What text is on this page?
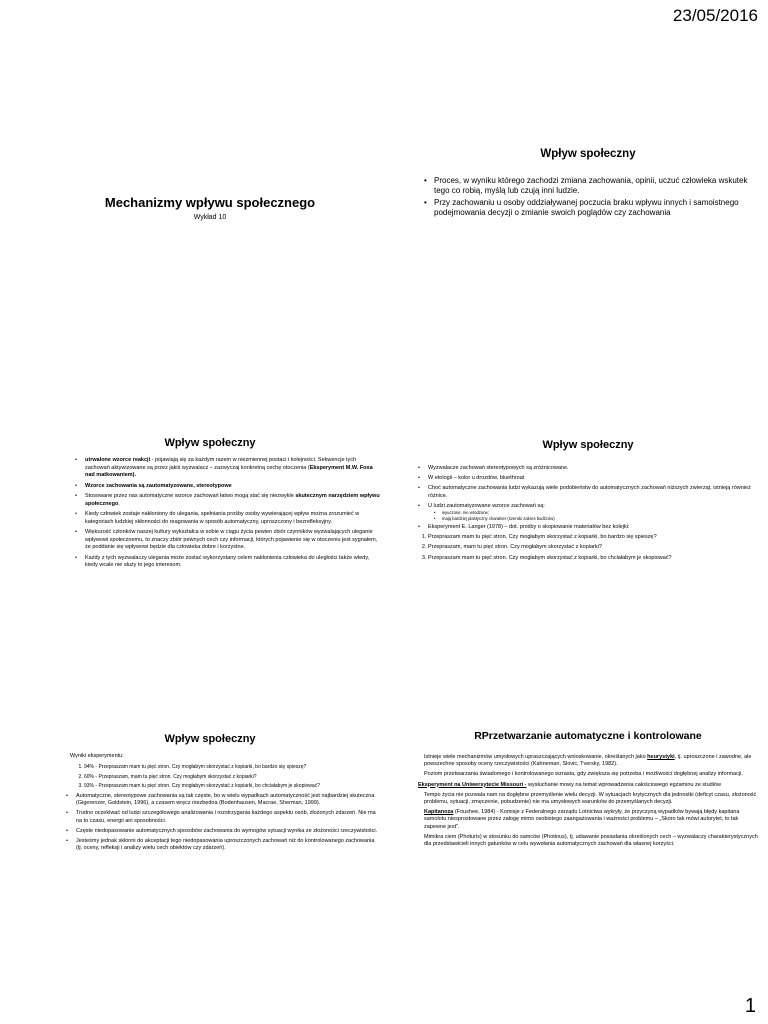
23/05/2016
Mechanizmy wpływu społecznego
Wykład 10
Wpływ społeczny
• Proces, w wyniku którego zachodzi zmiana zachowania, opinii, uczuć człowieka wskutek tego co robią, myślą lub czują inni ludzie.
• Przy zachowaniu u osoby oddziaływanej poczucia braku wpływu innych i samoistnego podejmowania decyzji o zmianie swoich poglądów czy zachowania
Wpływ społeczny
• utrwalone wzorce reakcji - pojawiają się za każdym razem w niezmiennej postaci i kolejności. Sekwencje tych zachowań aktywizowane są przez jakiś wyzwalacz – zazwyczaj konkretną cechę otoczenia (Eksperyment M.W. Foxa nad matkowaniem).
• Wzorce zachowania są zautomatyzowane, stereotypowe
• Stosowane przez nas automatyczne wzorce zachowań łatwo mogą stać się niezwykle skutecznym narzędziem wpływu społecznego.
• Kiedy człowiek zostaje nakłoniony do ulegania, spełniania prośby osoby wywierającej wpływ można zrozumieć w kategoriach ludzkiej skłonności do reagowania w sposób automatyczny, uproszczony i bezrefleksyjny.
• Większość członków naszej kultury wykształca w sobie w ciągu życia pewien zbiór czynników wyzwalających uleganie wpływowi społecznemu, to znaczy zbiór pewnych cech czy informacji, których pojawienie się w otoczeniu jest sygnałem, że poddanie się wpływowi będzie dla człowieka dobre i korzystne.
• Każdy z tych wyzwalaczy ulegania może zostać wykorzystany celem nakłonienia człowieka do uległości także wtedy, kiedy wcale nie służy to jego interesom.
Wpływ społeczny
• Wyzwalacze zachowań stereotypowych są zróżnicowane.
• W etologii – kolor u drozdów, bluethroat
• Choć automatyczne zachowania ludzi wykazują wiele podobieństw do automatycznych zachowań niższych zwierząt, istnieją również różnice.
• U ludzi zautomatyzowane wzorce zachowań są:
• wyuczone, nie wrodzone;
• mają bardziej plastyczny charakter (szeroki zakres bodźców)
• Eksperyment E. Langer (1978) – dot. prośby o skopiowanie materiałów bez kolejki:
1. Przepraszam mam tu pięć stron. Czy mogłabym skorzystać z kopiarki, bo bardzo się spieszę?
2. Przepraszam, mam tu pięć stron. Czy mogłabym skorzystać z kopiarki?
3. Przepraszam mam tu pięć stron. Czy mogłabym skorzystać z kopiarki, bo chciałabym je skopiować?
Wpływ społeczny
Wyniki eksperymentu:
1. 94% - Przepraszam mam tu pięć stron. Czy mogłabym skorzystać z kopiarki, bo bardzo się spieszę?
2. 60% - Przepraszam, mam tu pięć stron. Czy mogłabym skorzystać z kopiarki?
3. 93% - Przepraszam mam tu pięć stron. Czy mogłabym skorzystać z kopiarki, bo chciałabym je skopiować?
• Automatyczne, stereotypowe zachowania są tak częste, bo w wielu wypadkach automatyczność jest najbardziej skuteczna (Gigerenzer, Goldstein, 1996), a czasem wręcz niezbędna (Bodenhausen, Macrae, Sherman, 1999).
• Trudno oczekiwać od ludzi szczegółowego analizowania i rozstrzygania każdego aspektu osób, złożonych zdarzeń. Nie ma na to czasu, energii ani sposobności.
• Częste niedopasowanie automatycznych sposobów zachowania do wymogów sytuacji wynika ze złożoności rzeczywistości.
• Jesteśmy jednak skłonni do akceptacji tego niedopasowania uproszczonych zachowań niż do kontrolowanego zachowania (tj. oceny, refleksji i analizy wielu cech obiektów czy zdarzeń).
RPrzetwarzanie automatyczne i kontrolowane
• Istnieje wiele mechanizmów umysłowych upraszczających wnioskowanie, określanych jako heurystyki, tj. uproszczone i zawodne, ale powszechne sposoby oceny rzeczywistości (Kahneman, Slovic, Tversky, 1982).
• Poziom przetwarzania świadomego i kontrolowanego wzrasta, gdy zwiększa się potrzeba i możliwości dogłębnej analizy informacji.
Eksperyment na Uniwersytecie Missouri - wysłuchanie mowy na temat wprowadzenia całościowego egzaminu ze studiów
• Tempo życia nie pozwala nam na dogłębne przemyślenie wielu decyzji. W sytuacjach krytycznych dla jednostki (deficyt czasu, złożoność problemu, sytuacji, zmęczenie, pobudzenie) nie ma umysłowych warunków do przemyślanych decyzji.
• Kapitanoza (Foushee, 1984) - Komisje z Federalnego zarządu Lotnictwa wykryły, że przyczyną wypadków bywają błędy kapitana samolotu niesprostowane przez załogę mimo osobistego zaangażowania i ważności problemu – „Skoro tak mówi autorytet, to tak zapewne jest".
• Mimikra ciem (Photuris) w stosunku do samców (Photinus), tj. udawanie posiadania określonych cech – wyzwalaczy charakterystycznych dla przedstawicieli innych gatunków w celu wywołania automatycznych zachowań dla własnej korzyści.
1
